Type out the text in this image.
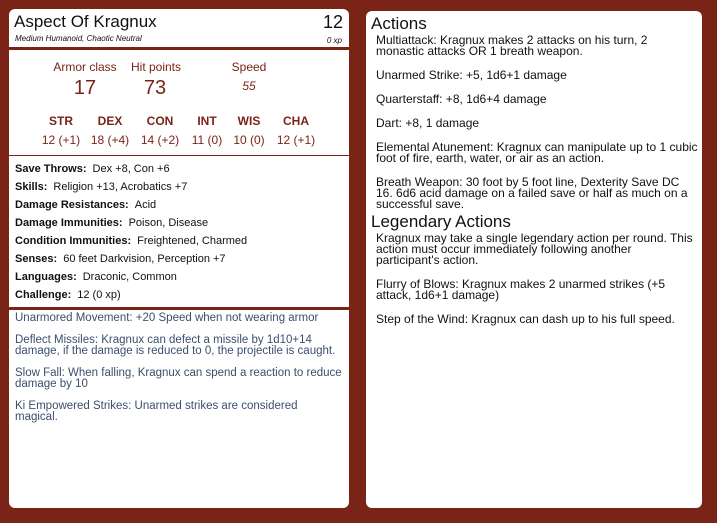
Aspect Of Kragnux
Medium Humanoid, Chaotic Neutral
12
0 xp
Armor class
17
Hit points
73
Speed
55
STR
12 (+1)
DEX
18 (+4)
CON
14 (+2)
INT
11 (0)
WIS
10 (0)
CHA
12 (+1)
Save Throws: Dex +8, Con +6
Skills: Religion +13, Acrobatics +7
Damage Resistances: Acid
Damage Immunities: Poison, Disease
Condition Immunities: Freightened, Charmed
Senses: 60 feet Darkvision, Perception +7
Languages: Draconic, Common
Challenge: 12 (0 xp)
Unarmored Movement: +20 Speed when not wearing armor
Deflect Missiles: Kragnux can defect a missile by 1d10+14 damage, if the damage is reduced to 0, the projectile is caught.
Slow Fall: When falling, Kragnux can spend a reaction to reduce damage by 10
Ki Empowered Strikes: Unarmed strikes are considered magical.
Actions
Multiattack: Kragnux makes 2 attacks on his turn, 2 monastic attacks OR 1 breath weapon.
Unarmed Strike: +5, 1d6+1 damage
Quarterstaff: +8, 1d6+4 damage
Dart: +8, 1 damage
Elemental Atunement: Kragnux can manipulate up to 1 cubic foot of fire, earth, water, or air as an action.
Breath Weapon: 30 foot by 5 foot line, Dexterity Save DC 16. 6d6 acid damage on a failed save or half as much on a successful save.
Legendary Actions
Kragnux may take a single legendary action per round. This action must occur immediately following another participant's action.
Flurry of Blows: Kragnux makes 2 unarmed strikes (+5 attack, 1d6+1 damage)
Step of the Wind: Kragnux can dash up to his full speed.
